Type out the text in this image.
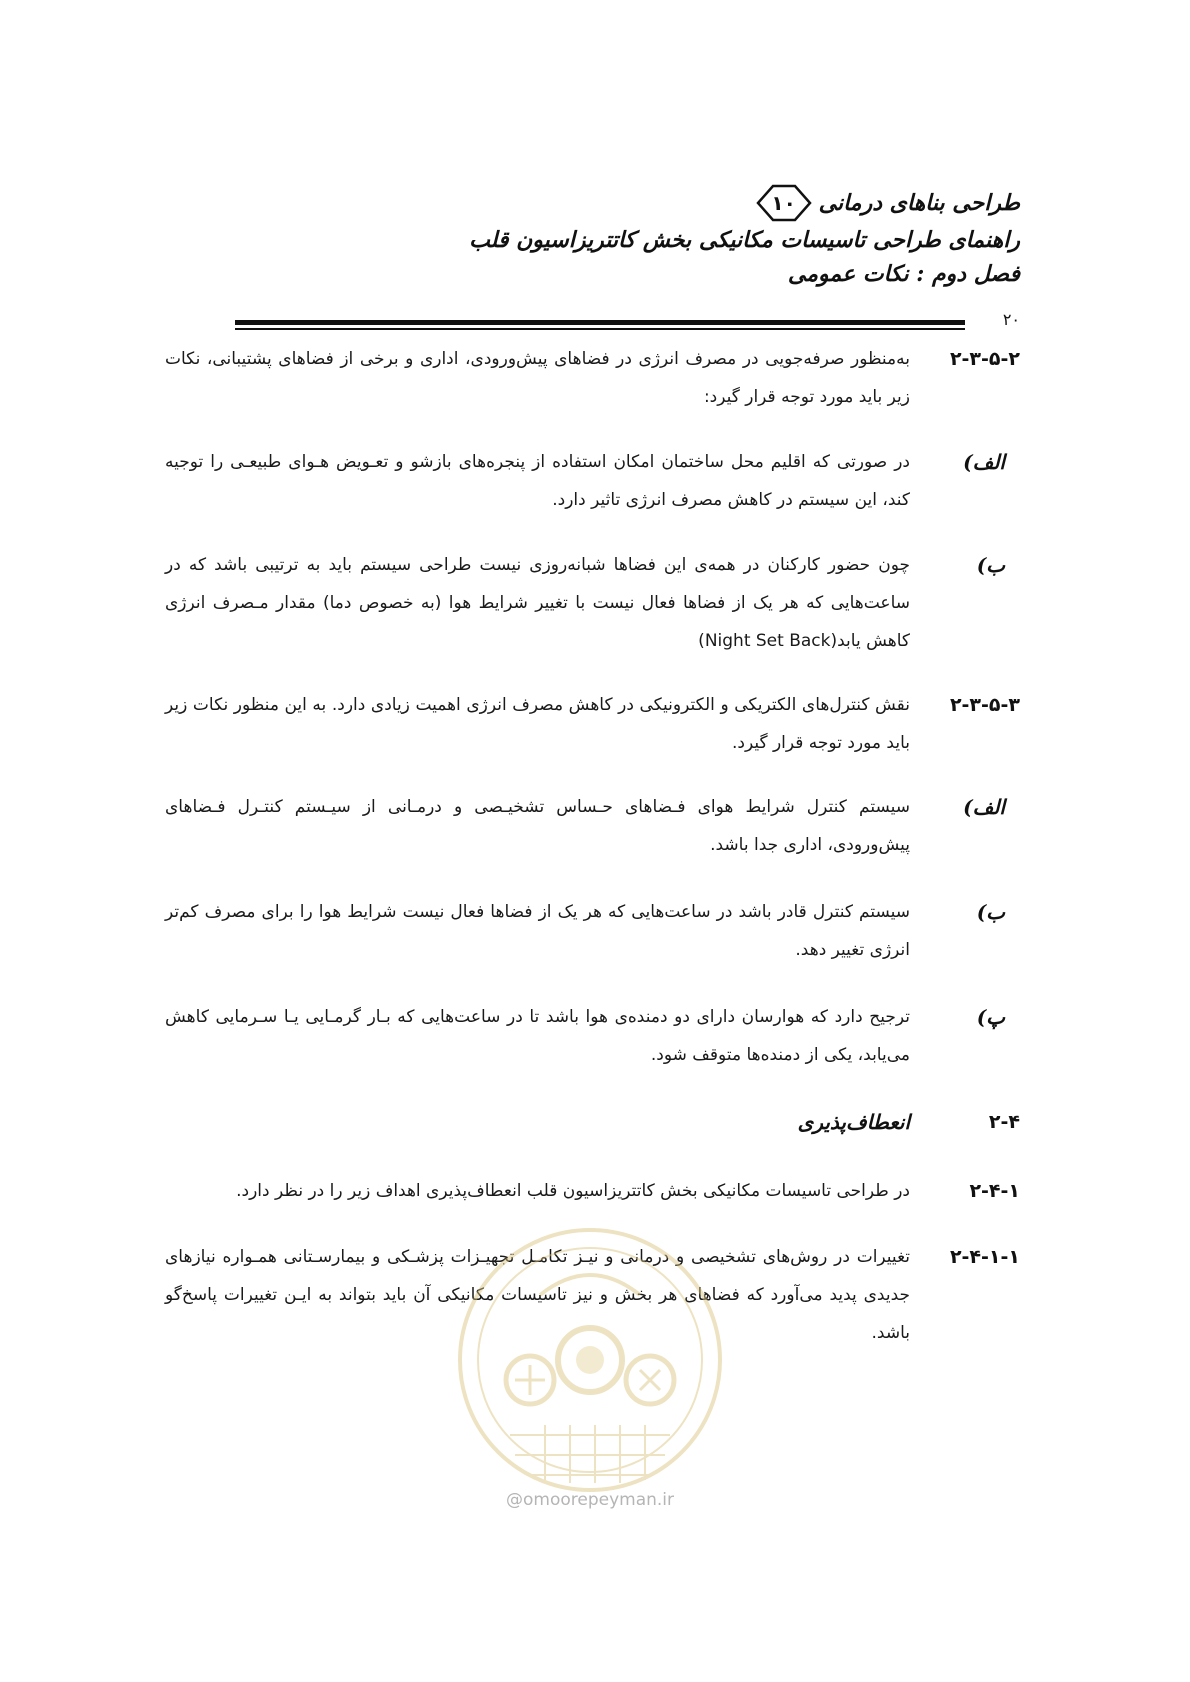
طراحی بناهای درمانی
۱۰
راهنمای طراحی تاسیسات مکانیکی بخش کاتتریزاسیون قلب
فصل دوم : نکات عمومی
۲۰
۲-۳-۵-۲
به‌منظور صرفه‌جویی در مصرف انرژی در فضاهای پیش‌ورودی، اداری و برخی از فضاهای پشتیبانی، نکات زیر باید مورد توجه قرار گیرد:
الف)
در صورتی که اقلیم محل ساختمان امکان استفاده از پنجره‌های بازشو و تعـویض هـوای طبیعـی را توجیه کند، این سیستم در کاهش مصرف انرژی تاثیر دارد.
ب)
چون حضور کارکنان در همه‌ی این فضاها شبانه‌روزی نیست طراحی سیستم باید به ترتیبی باشد که در ساعت‌هایی که هر یک از فضاها فعال نیست با تغییر شرایط هوا (به خصوص دما) مقدار مـصرف انرژی کاهش یابد(Night Set Back)
۲-۳-۵-۳
نقش کنترل‌های الکتریکی و الکترونیکی در کاهش مصرف انرژی اهمیت زیادی دارد. به این منظور نکات زیر باید مورد توجه قرار گیرد.
الف)
سیستم کنترل شرایط هوای فـضاهای حـساس تشخیـصی و درمـانی از سیـستم کنتـرل فـضاهای پیش‌ورودی، اداری جدا باشد.
ب)
سیستم کنترل قادر باشد در ساعت‌هایی که هر یک از فضاها فعال نیست شرایط هوا را برای مصرف کم‌تر انرژی تغییر دهد.
پ)
ترجیح دارد که هوارسان دارای دو دمنده‌ی هوا باشد تا در ساعت‌هایی که بـار گرمـایی یـا سـرمایی کاهش می‌یابد، یکی از دمنده‌ها متوقف شود.
۲-۴
انعطاف‌پذیری
۲-۴-۱
در طراحی تاسیسات مکانیکی بخش کاتتریزاسیون قلب انعطاف‌پذیری اهداف زیر را در نظر دارد.
۲-۴-۱-۱
تغییرات در روش‌های تشخیصی و درمانی و نیـز تکامـل تجهیـزات پزشـکی و بیمارسـتانی همـواره نیازهای جدیدی پدید می‌آورد که فضاهای هر بخش و نیز تاسیسات مکانیکی آن باید بتواند به ایـن تغییرات پاسخ‌گو باشد.
@omoorepeyman.ir
